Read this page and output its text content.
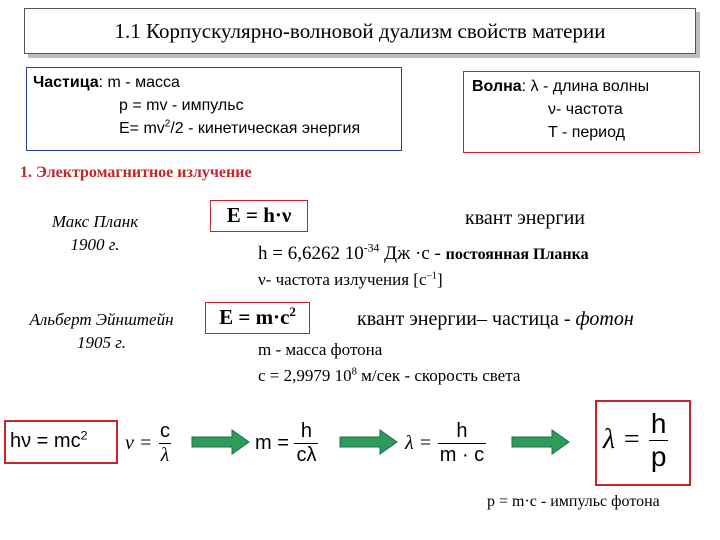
1.1 Корпускулярно-волновой дуализм свойств материи
Частица: m - масса
p = mv - импульс
$E= mv^2/2$ - кинетическая энергия
Волна: λ - длина волны
ν- частота
T - период
1. Электромагнитное излучение
Макс Планк
1900 г.
E = h·ν	квант энергии
h = 6,6262 $10^{-34}$ Дж ·с - постоянная Планка
ν- частота излучения $[с^{-1}]$
Альберт Эйнштейн
1905 г.
$E = m\cdot c^2$	квант энергии– частица - фотон
m - масса фотона
c = 2,9979 $10^8$ м/сек - скорость света
$h\nu = mc^2$ $\nu = \frac{c}{\lambda}$	$m = \frac{h}{c\lambda}$	$\lambda = \frac{h}{m \cdot c}$	$\lambda = \frac{h}{p}$
p = m·c - импульс фотона
